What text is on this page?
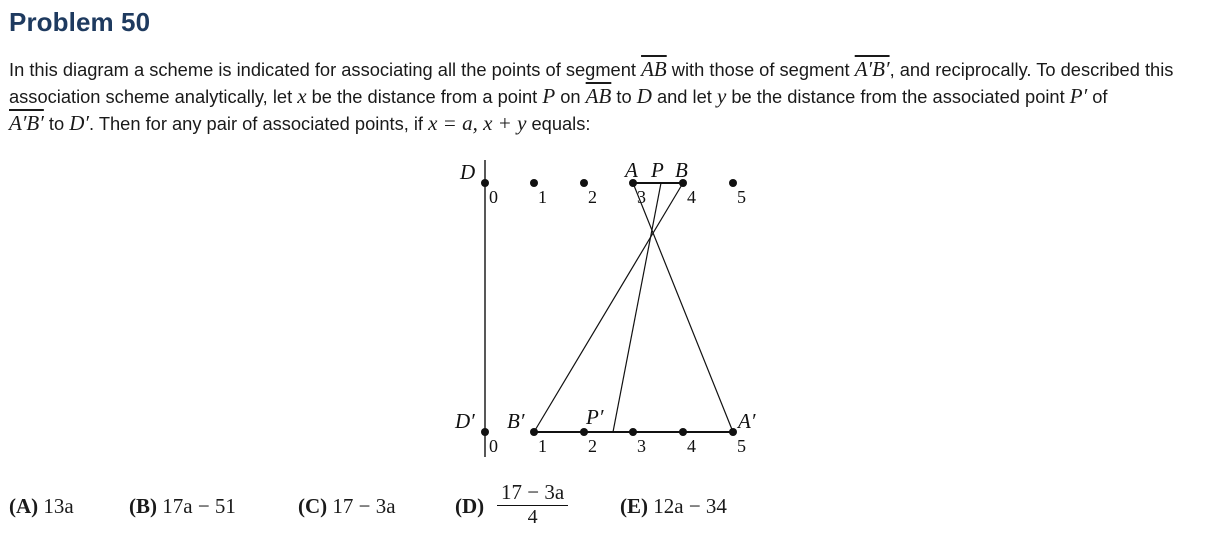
Problem 50
In this diagram a scheme is indicated for associating all the points of segment $\overline{AB}$ with those of segment A′B′, and reciprocally. To described this association scheme analytically, let x be the distance from a point P on $\overline{AB}$ to D and let y be the distance from the associated point P′ of
A′B′ to D′. Then for any pair of associated points, if x = a, x + y equals:
0 1 2 3 4 5
0 1 2 3 4 5
D	A P B
D′ B′	P′	A′
(A) 13a	(B) 17a − 51	(C) 17 − 3a	$(D) \frac{17 - 3a}{4} (E) 12a - 34$
